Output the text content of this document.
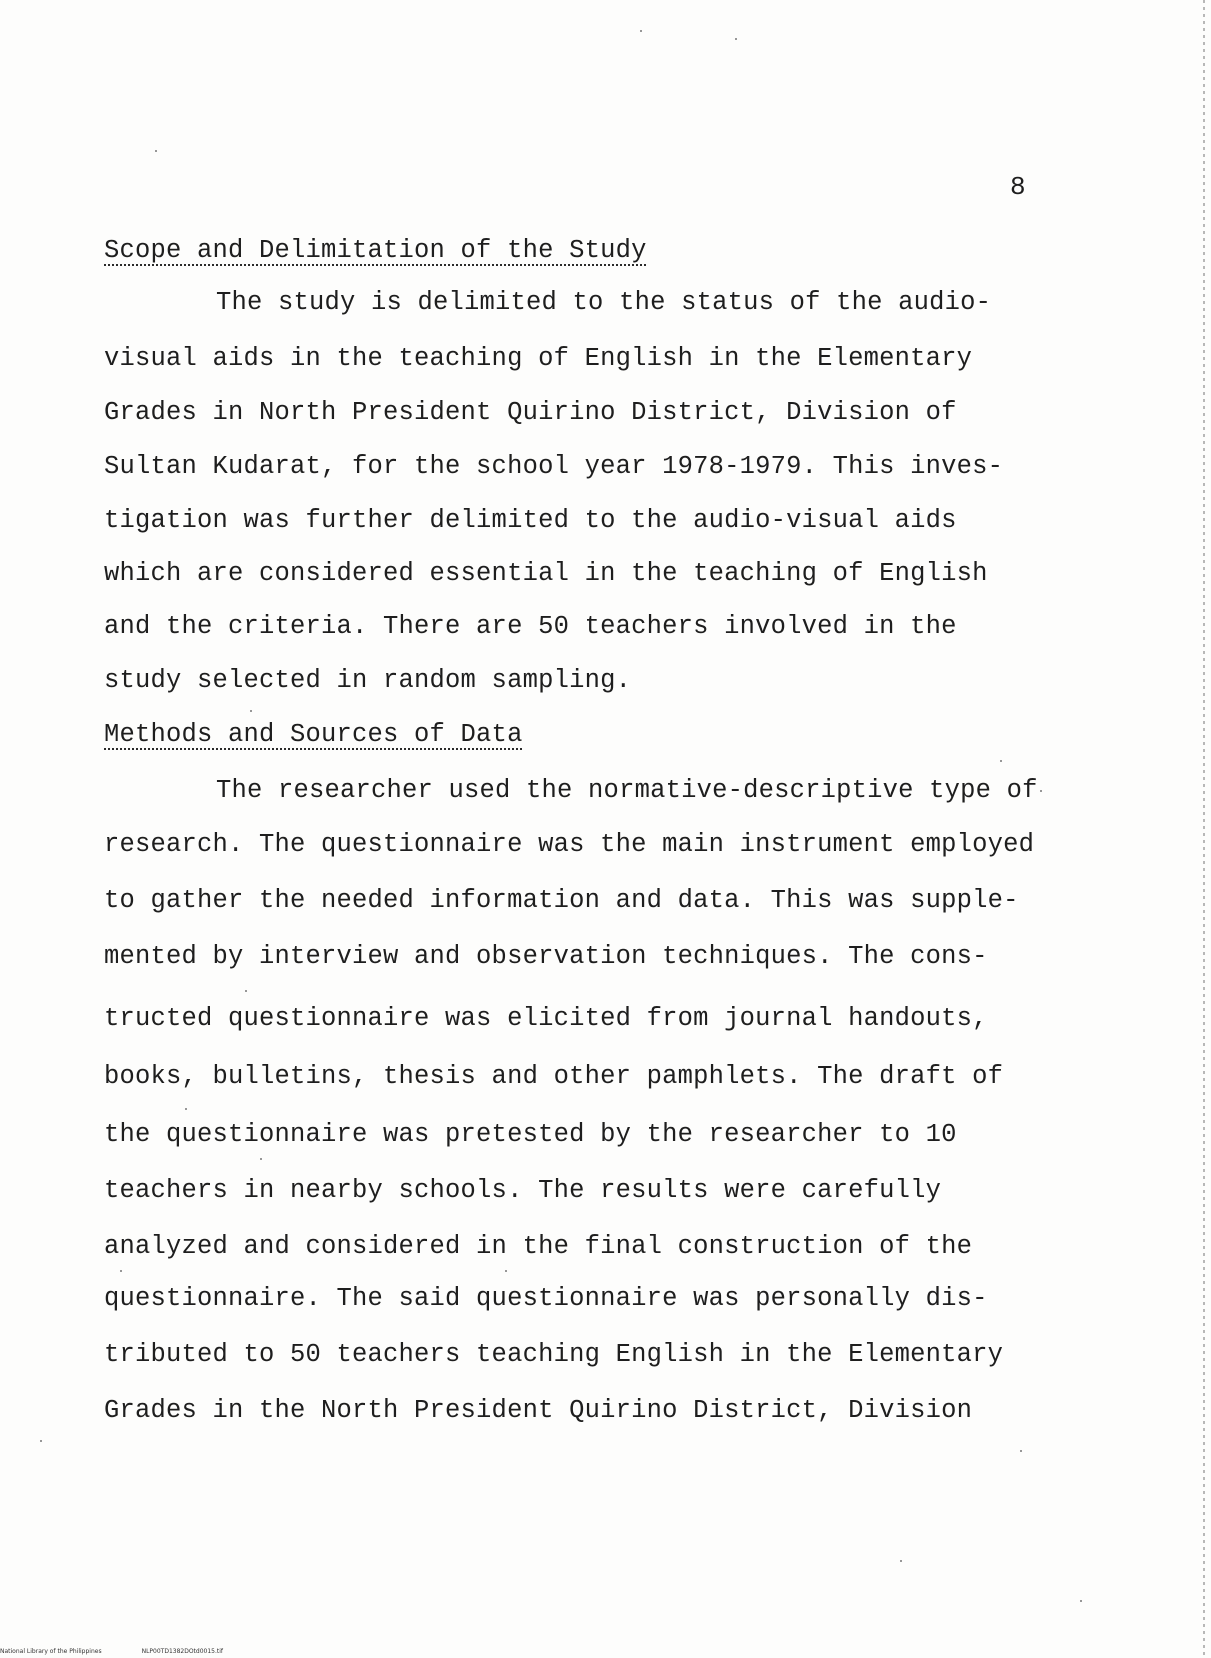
8
Scope and Delimitation of the Study
The study is delimited to the status of the audio-
visual aids in the teaching of English in the Elementary
Grades in North President Quirino District, Division of
Sultan Kudarat, for the school year 1978-1979. This inves-
tigation was further delimited to the audio-visual aids
which are considered essential in the teaching of English
and the criteria. There are 50 teachers involved in the
study selected in random sampling.
Methods and Sources of Data
The researcher used the normative-descriptive type of
research. The questionnaire was the main instrument employed
to gather the needed information and data. This was supple-
mented by interview and observation techniques. The cons-
tructed questionnaire was elicited from journal handouts,
books, bulletins, thesis and other pamphlets. The draft of
the questionnaire was pretested by the researcher to 10
teachers in nearby schools. The results were carefully
analyzed and considered in the final construction of the
questionnaire. The said questionnaire was personally dis-
tributed to 50 teachers teaching English in the Elementary
Grades in the North President Quirino District, Division
National Library of the Philippines	NLP00TD1382DOtd0015.tif
